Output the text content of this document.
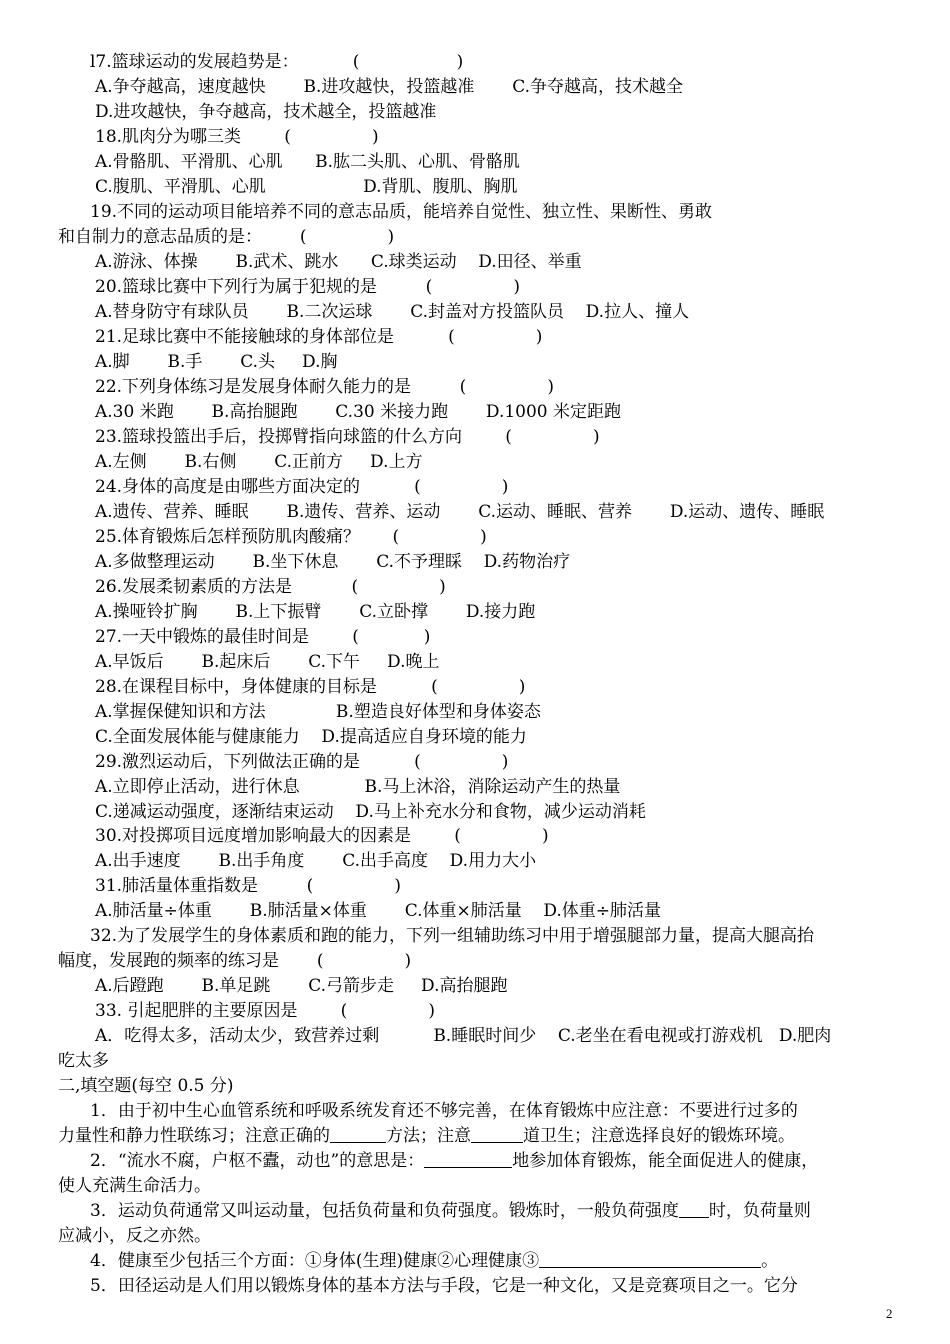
l7.篮球运动的发展趋势是：          (                  )
A.争夺越高，速度越快       B.进攻越快，投篮越准       C.争夺越高，技术越全
D.进攻越快，争夺越高，技术越全，投篮越准
18.肌肉分为哪三类        (               )
A.骨骼肌、平滑肌、心肌      B.肱二头肌、心肌、骨骼肌
C.腹肌、平滑肌、心肌                  D.背肌、腹肌、胸肌
19.不同的运动项目能培养不同的意志品质，能培养自觉性、独立性、果断性、勇敢
和自制力的意志品质的是：       (               )
A.游泳、体操       B.武术、跳水      C.球类运动    D.田径、举重
20.篮球比赛中下列行为属于犯规的是         (               )
A.替身防守有球队员       B.二次运球       C.封盖对方投篮队员    D.拉人、撞人
21.足球比赛中不能接触球的身体部位是          (               )
A.脚       B.手       C.头     D.胸
22.下列身体练习是发展身体耐久能力的是         (               )
A.30 米跑       B.高抬腿跑       C.30 米接力跑       D.1000 米定距跑
23.篮球投篮出手后，投掷臂指向球篮的什么方向        (               )
A.左侧       B.右侧       C.正前方     D.上方
24.身体的高度是由哪些方面决定的          (               )
A.遗传、营养、睡眠       B.遗传、营养、运动       C.运动、睡眠、营养       D.运动、遗传、睡眠
25.体育锻炼后怎样预防肌肉酸痛？      (               )
A.多做整理运动       B.坐下休息       C.不予理睬    D.药物治疗
26.发展柔韧素质的方法是           (               )
A.操哑铃扩胸       B.上下振臂       C.立卧撑       D.接力跑
27.一天中锻炼的最佳时间是        (            )
A.早饭后       B.起床后       C.下午     D.晚上
28.在课程目标中，身体健康的目标是          (               )
A.掌握保健知识和方法             B.塑造良好体型和身体姿态
C.全面发展体能与健康能力    D.提高适应自身环境的能力
29.激烈运动后，下列做法正确的是          (               )
A.立即停止活动，进行休息            B.马上沐浴，消除运动产生的热量
C.递减运动强度，逐渐结束运动    D.马上补充水分和食物，减少运动消耗
30.对投掷项目远度增加影响最大的因素是        (               )
A.出手速度       B.出手角度       C.出手高度    D.用力大小
31.肺活量体重指数是         (               )
A.肺活量÷体重       B.肺活量×体重       C.体重×肺活量    D.体重÷肺活量
32.为了发展学生的身体素质和跑的能力，下列一组辅助练习中用于增强腿部力量，提高大腿高抬
幅度，发展跑的频率的练习是       (               )
A.后蹬跑       B.单足跳       C.弓箭步走     D.高抬腿跑
33. 引起肥胖的主要原因是        (               )
A．吃得太多，活动太少，致营养过剩          B.睡眠时间少    C.老坐在看电视或打游戏机   D.肥肉
吃太多
二,填空题(每空 0.5 分)
1．由于初中生心血管系统和呼吸系统发育还不够完善，在体育锻炼中应注意：不要进行过多的
力量性和静力性联练习；注意正确的	方法；注意	道卫生；注意选择良好的锻炼环境。
2．“流水不腐，户枢不蠹，动也”的意思是：	地参加体育锻炼，能全面促进人的健康，
使人充满生命活力。
3．运动负荷通常又叫运动量，包括负荷量和负荷强度。锻炼时，一般负荷强度 时，负荷量则
应减小，反之亦然。
4．健康至少包括三个方面：①身体(生理)健康②心理健康③	。
5．田径运动是人们用以锻炼身体的基本方法与手段，它是一种文化，又是竞赛项目之一。它分
2
